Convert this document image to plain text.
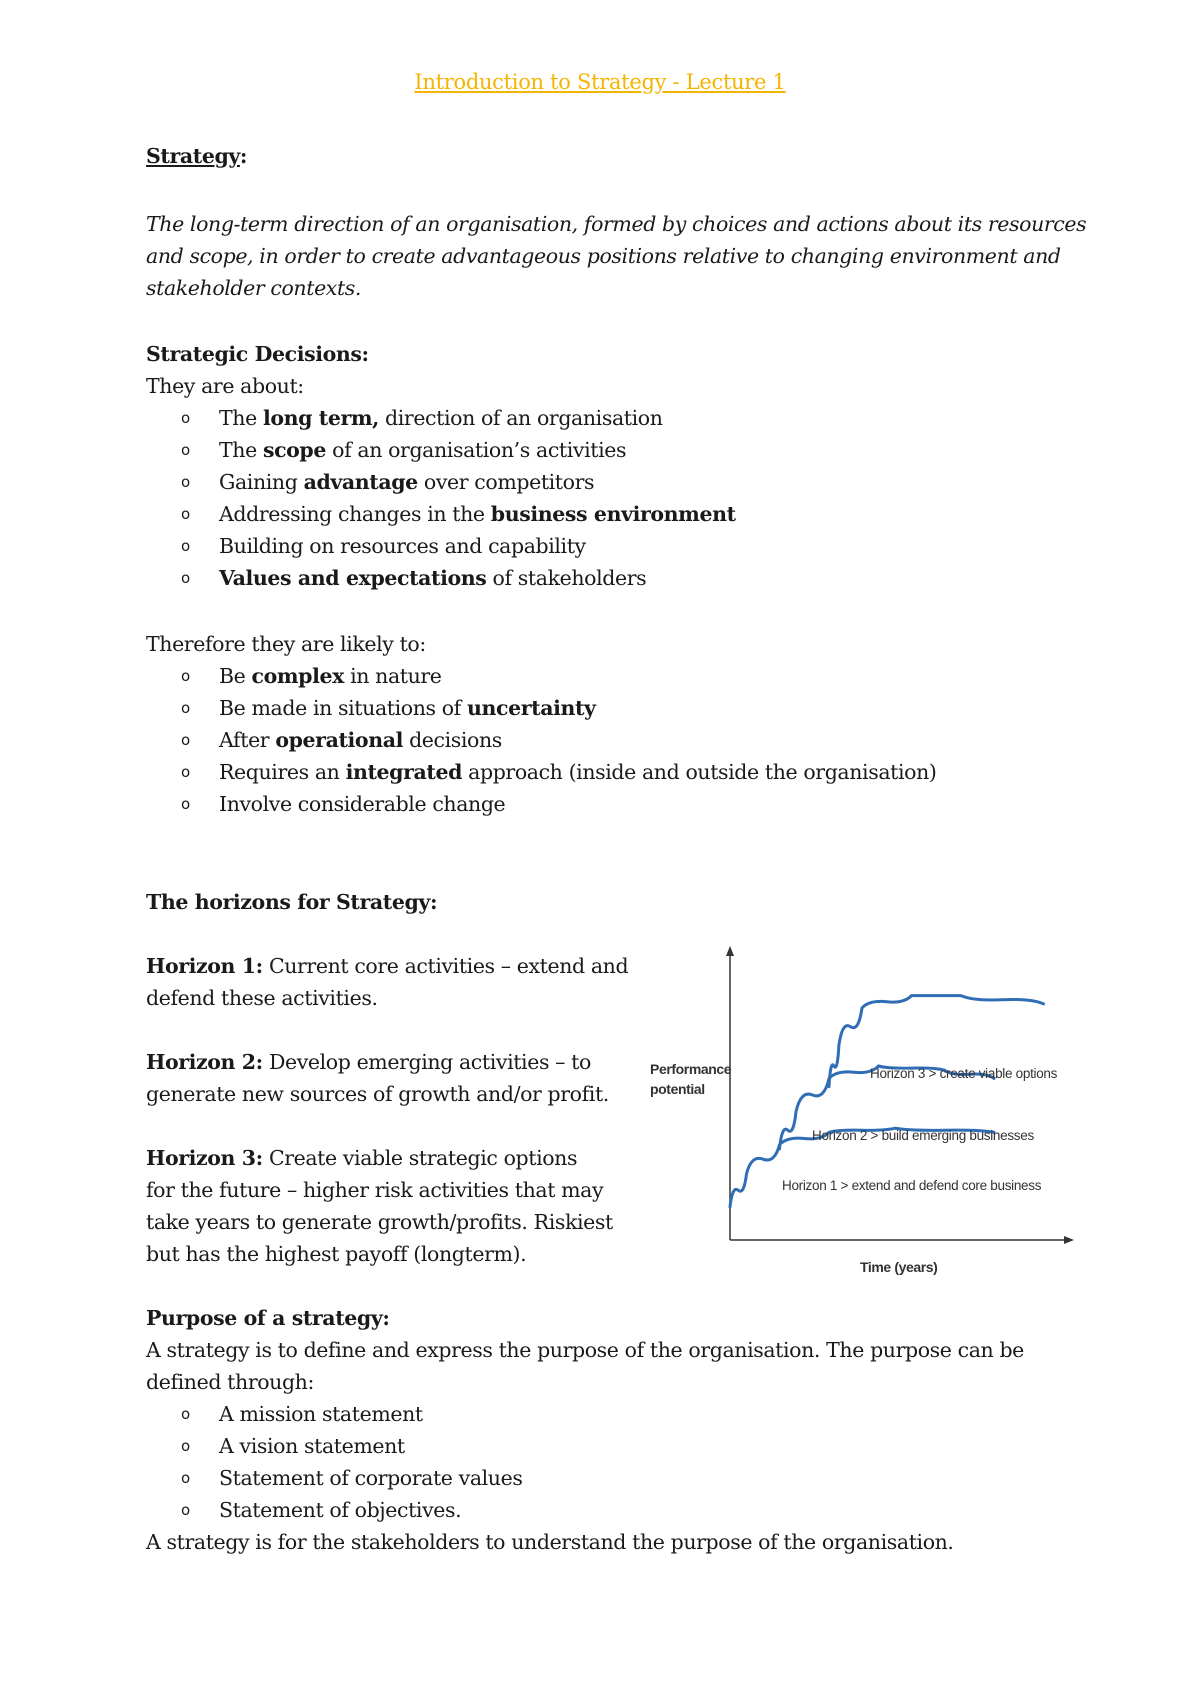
Introduction to Strategy - Lecture 1
Strategy:
The long-term direction of an organisation, formed by choices and actions about its resources
and scope, in order to create advantageous positions relative to changing environment and
stakeholder contexts.
Strategic Decisions:
They are about:
o The long term, direction of an organisation
o The scope of an organisation’s activities
o Gaining advantage over competitors
o Addressing changes in the business environment
o Building on resources and capability
o Values and expectations of stakeholders
Therefore they are likely to:
o Be complex in nature
o Be made in situations of uncertainty
o After operational decisions
o Requires an integrated approach (inside and outside the organisation)
o Involve considerable change
The horizons for Strategy:
Horizon 1: Current core activities – extend and
defend these activities.
Horizon 2: Develop emerging activities – to
generate new sources of growth and/or profit.
Horizon 3: Create viable strategic options
for the future – higher risk activities that may
take years to generate growth/profits. Riskiest
but has the highest payoff (longterm).
Horizon 1 > extend and defend core business
Horizon 2 > build emerging businesses
Horizon 3 > create viable options
Performance
potential
Time (years)
Purpose of a strategy:
A strategy is to define and express the purpose of the organisation. The purpose can be
defined through:
o A mission statement
o A vision statement
o Statement of corporate values
o Statement of objectives.
A strategy is for the stakeholders to understand the purpose of the organisation.
